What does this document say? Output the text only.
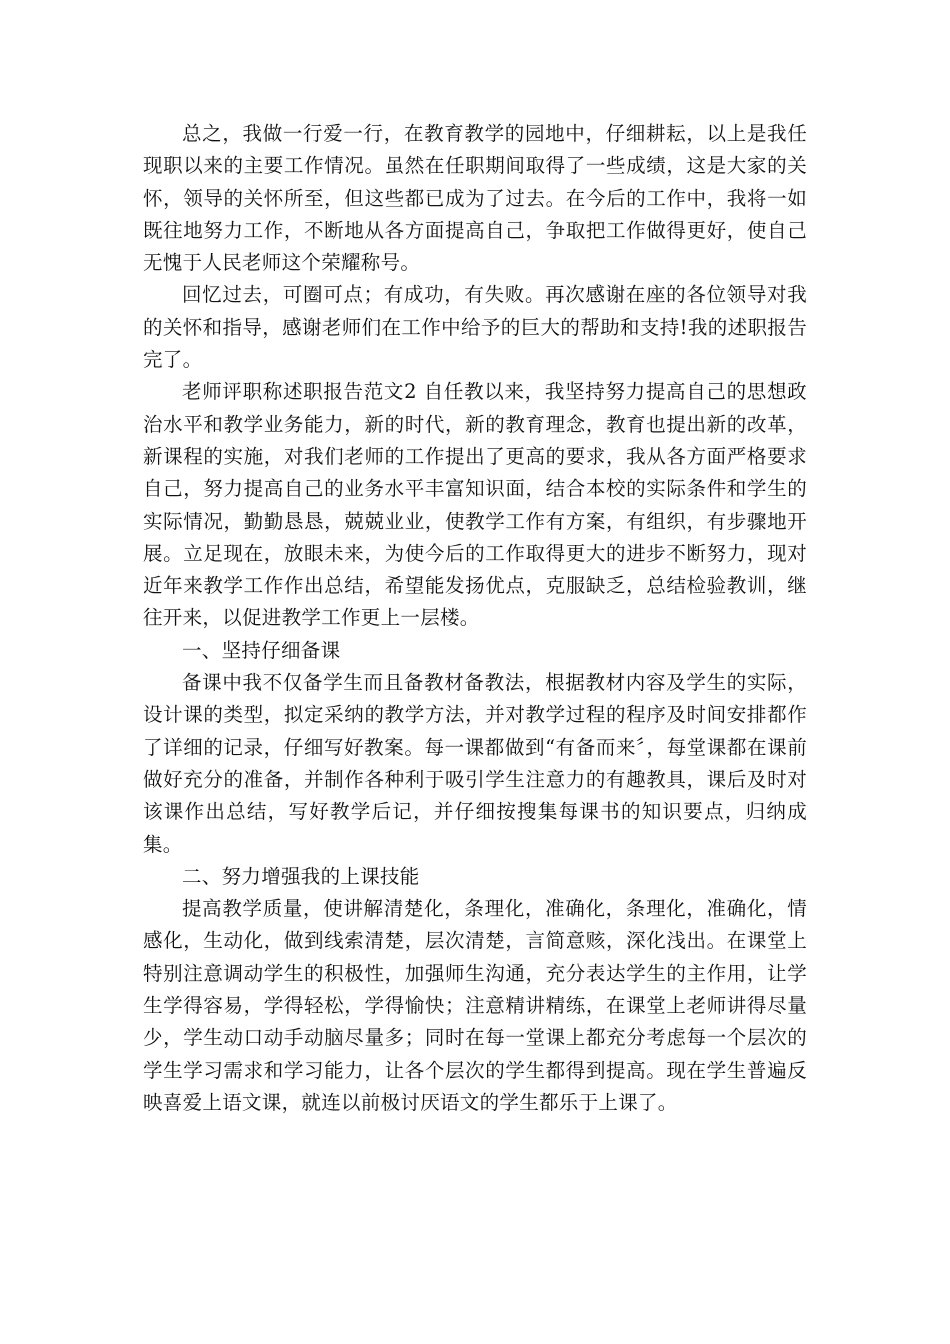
总之，我做一行爱一行，在教育教学的园地中，仔细耕耘，以上是我任现职以来的主要工作情况。虽然在任职期间取得了一些成绩，这是大家的关怀，领导的关怀所至，但这些都已成为了过去。在今后的工作中，我将一如既往地努力工作，不断地从各方面提高自己，争取把工作做得更好，使自己无愧于人民老师这个荣耀称号。

回忆过去，可圈可点；有成功，有失败。再次感谢在座的各位领导对我的关怀和指导，感谢老师们在工作中给予的巨大的帮助和支持!我的述职报告完了。

老师评职称述职报告范文2 自任教以来，我坚持努力提高自己的思想政治水平和教学业务能力，新的时代，新的教育理念，教育也提出新的改革，新课程的实施，对我们老师的工作提出了更高的要求，我从各方面严格要求自己，努力提高自己的业务水平丰富知识面，结合本校的实际条件和学生的实际情况，勤勤恳恳，兢兢业业，使教学工作有方案，有组织，有步骤地开展。立足现在，放眼未来，为使今后的工作取得更大的进步不断努力，现对近年来教学工作作出总结，希望能发扬优点，克服缺乏，总结检验教训，继往开来，以促进教学工作更上一层楼。

一、坚持仔细备课

备课中我不仅备学生而且备教材备教法，根据教材内容及学生的实际，设计课的类型，拟定采纳的教学方法，并对教学过程的程序及时间安排都作了详细的记录，仔细写好教案。每一课都做到“有备而来〞，每堂课都在课前做好充分的准备，并制作各种利于吸引学生注意力的有趣教具，课后及时对该课作出总结，写好教学后记，并仔细按搜集每课书的知识要点，归纳成集。

二、努力增强我的上课技能

提高教学质量，使讲解清楚化，条理化，准确化，条理化，准确化，情感化，生动化，做到线索清楚，层次清楚，言简意赅，深化浅出。在课堂上特别注意调动学生的积极性，加强师生沟通，充分表达学生的主作用，让学生学得容易，学得轻松，学得愉快；注意精讲精练，在课堂上老师讲得尽量少，学生动口动手动脑尽量多；同时在每一堂课上都充分考虑每一个层次的学生学习需求和学习能力，让各个层次的学生都得到提高。现在学生普遍反映喜爱上语文课，就连以前极讨厌语文的学生都乐于上课了。
